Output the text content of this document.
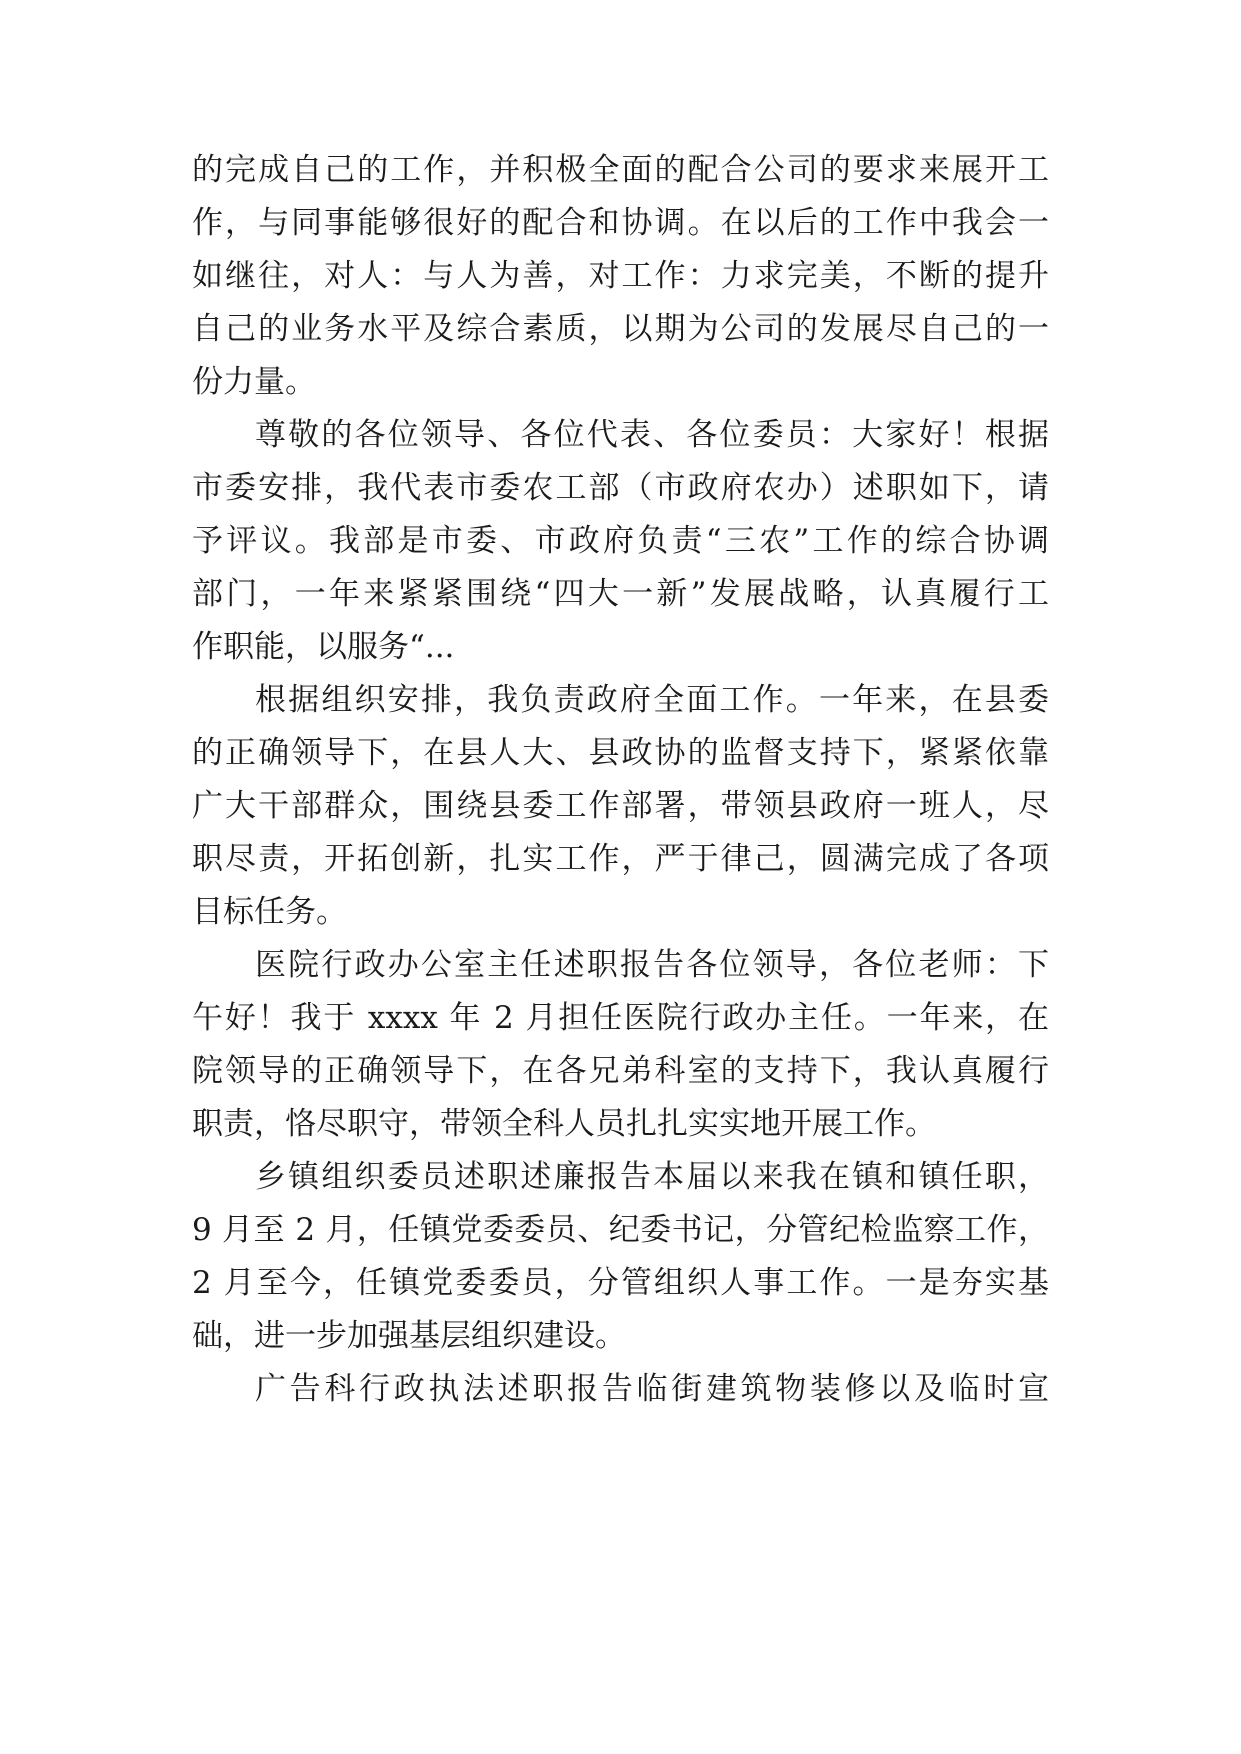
的完成自己的工作，并积极全面的配合公司的要求来展开工
作，与同事能够很好的配合和协调。在以后的工作中我会一
如继往，对人：与人为善，对工作：力求完美，不断的提升
自己的业务水平及综合素质，以期为公司的发展尽自己的一
份力量。
尊敬的各位领导、各位代表、各位委员：大家好！根据
市委安排，我代表市委农工部（市政府农办）述职如下，请
予评议。我部是市委、市政府负责“三农”工作的综合协调
部门，一年来紧紧围绕“四大一新”发展战略，认真履行工
作职能，以服务“...
根据组织安排，我负责政府全面工作。一年来，在县委
的正确领导下，在县人大、县政协的监督支持下，紧紧依靠
广大干部群众，围绕县委工作部署，带领县政府一班人，尽
职尽责，开拓创新，扎实工作，严于律己，圆满完成了各项
目标任务。
医院行政办公室主任述职报告各位领导，各位老师：下
午好！我于 xxxx 年 2 月担任医院行政办主任。一年来，在
院领导的正确领导下，在各兄弟科室的支持下，我认真履行
职责，恪尽职守，带领全科人员扎扎实实地开展工作。
乡镇组织委员述职述廉报告本届以来我在镇和镇任职，
9 月至 2 月，任镇党委委员、纪委书记，分管纪检监察工作，
2 月至今，任镇党委委员，分管组织人事工作。一是夯实基
础，进一步加强基层组织建设。
广告科行政执法述职报告临街建筑物装修以及临时宣
